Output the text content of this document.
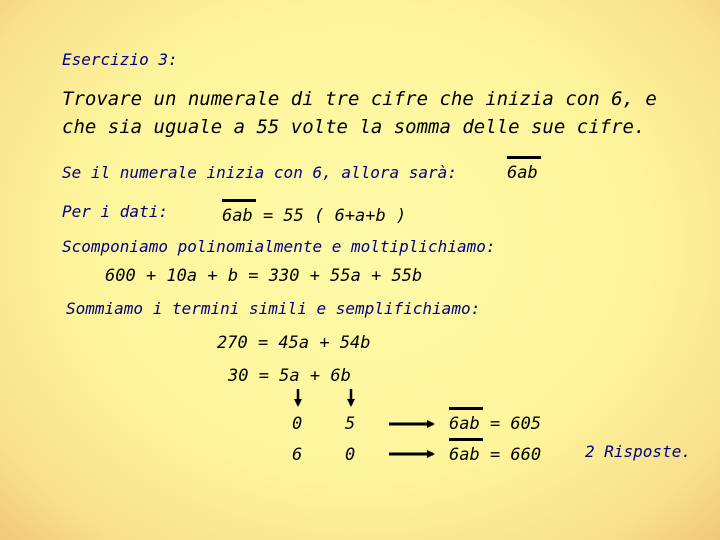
Esercizio 3:
Trovare un numerale di tre cifre che inizia con 6, e
che sia uguale a 55 volte la somma delle sue cifre.
Se il numerale inizia con 6, allora sarà:	6ab
Per i dati:	6ab = 55 ( 6+a+b )
Scomponiamo polinomialmente e moltiplichiamo:
600 + 10a + b = 330 + 55a + 55b
Sommiamo i termini simili e semplifichiamo:
270 = 45a + 54b
30 = 5a + 6b
0	5	6ab = 605
6	0	6ab = 660	2 Risposte.
